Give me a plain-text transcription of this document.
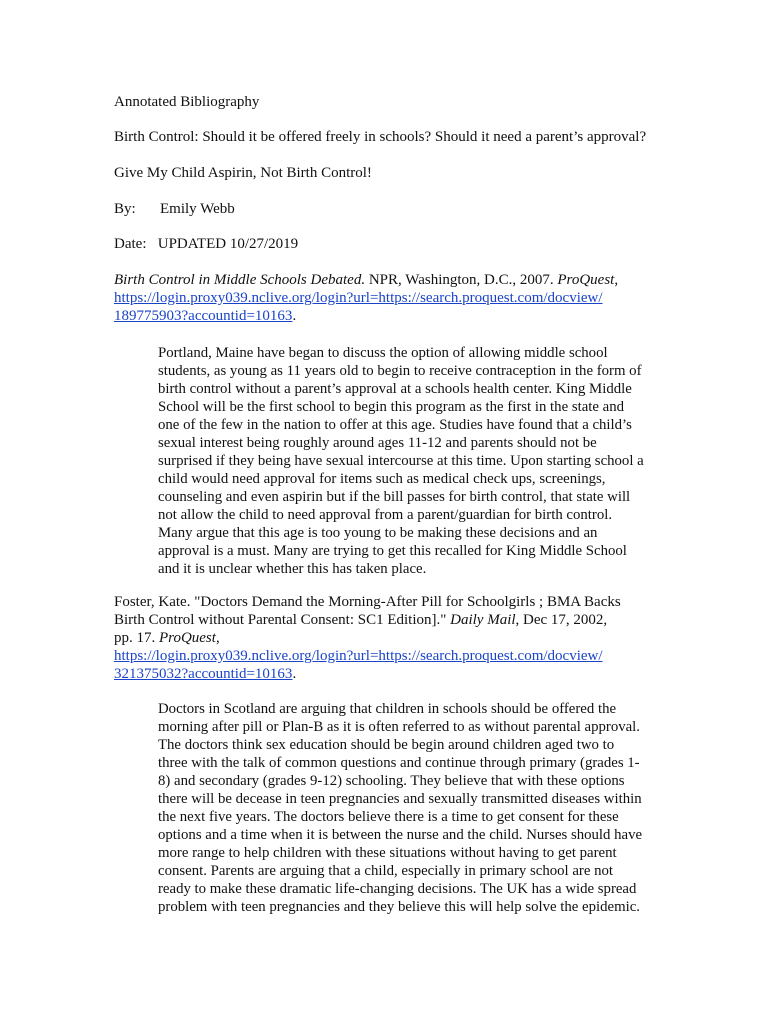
Annotated Bibliography
Birth Control: Should it be offered freely in schools? Should it need a parent’s approval?
Give My Child Aspirin, Not Birth Control!
By: Emily Webb
Date: UPDATED 10/27/2019
Birth Control in Middle Schools Debated. NPR, Washington, D.C., 2007. ProQuest,
https://login.proxy039.nclive.org/login?url=https://search.proquest.com/docview/
189775903?accountid=10163.
Portland, Maine have began to discuss the option of allowing middle school
students, as young as 11 years old to begin to receive contraception in the form of
birth control without a parent’s approval at a schools health center. King Middle
School will be the first school to begin this program as the first in the state and
one of the few in the nation to offer at this age. Studies have found that a child’s
sexual interest being roughly around ages 11-12 and parents should not be
surprised if they being have sexual intercourse at this time. Upon starting school a
child would need approval for items such as medical check ups, screenings,
counseling and even aspirin but if the bill passes for birth control, that state will
not allow the child to need approval from a parent/guardian for birth control.
Many argue that this age is too young to be making these decisions and an
approval is a must. Many are trying to get this recalled for King Middle School
and it is unclear whether this has taken place.
Foster, Kate. "Doctors Demand the Morning-After Pill for Schoolgirls ; BMA Backs
Birth Control without Parental Consent: SC1 Edition]." Daily Mail, Dec 17, 2002,
pp. 17. ProQuest,
https://login.proxy039.nclive.org/login?url=https://search.proquest.com/docview/
321375032?accountid=10163.
Doctors in Scotland are arguing that children in schools should be offered the
morning after pill or Plan-B as it is often referred to as without parental approval.
The doctors think sex education should be begin around children aged two to
three with the talk of common questions and continue through primary (grades 1-
8) and secondary (grades 9-12) schooling. They believe that with these options
there will be decease in teen pregnancies and sexually transmitted diseases within
the next five years. The doctors believe there is a time to get consent for these
options and a time when it is between the nurse and the child. Nurses should have
more range to help children with these situations without having to get parent
consent. Parents are arguing that a child, especially in primary school are not
ready to make these dramatic life-changing decisions. The UK has a wide spread
problem with teen pregnancies and they believe this will help solve the epidemic.
